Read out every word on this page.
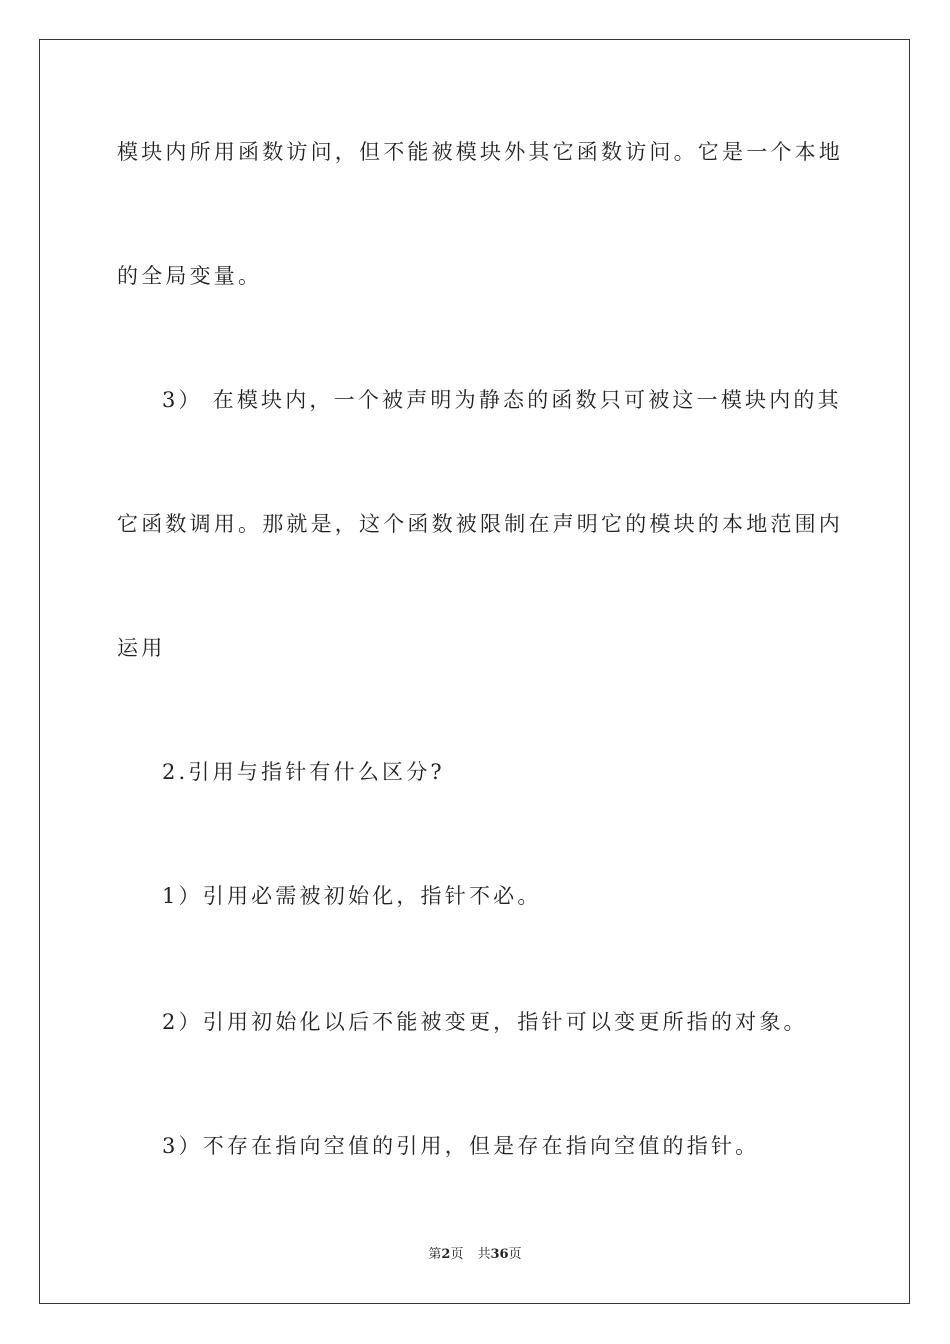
模块内所用函数访问，但不能被模块外其它函数访问。它是一个本地
的全局变量。
3） 在模块内，一个被声明为静态的函数只可被这一模块内的其
它函数调用。那就是，这个函数被限制在声明它的模块的本地范围内
运用
2.引用与指针有什么区分?
1）引用必需被初始化，指针不必。
2）引用初始化以后不能被变更，指针可以变更所指的对象。
3）不存在指向空值的引用，但是存在指向空值的指针。
第2页 共36页
